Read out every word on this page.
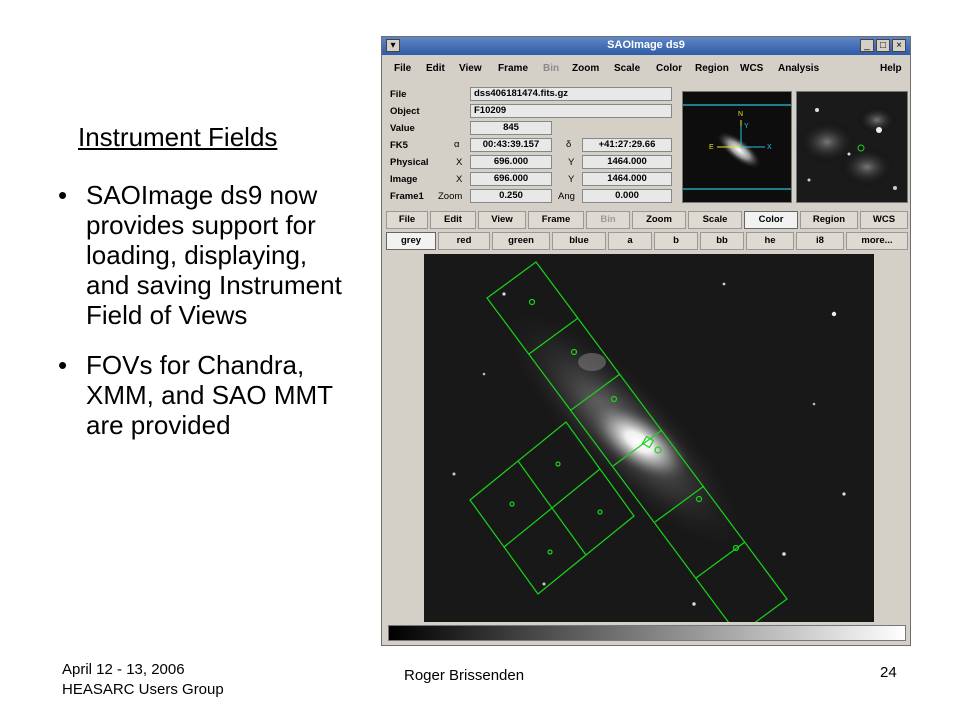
Instrument Fields
• SAOImage ds9 now provides support for loading, displaying, and saving Instrument Field of Views
• FOVs for Chandra, XMM, and SAO MMT are provided
April 12 - 13, 2006
HEASARC Users Group
Roger Brissenden	24
▾	SAOImage ds9	_	□	×
File Edit View Frame Bin Zoom Scale Color Region WCS Analysis	Help
File	dss406181474.fits.gz
Object	F10209
Value	845
FK5	α	00:43:39.157	δ	+41:27:29.66
Physical	X	696.000	Y	1464.000
Image	X	696.000	Y	1464.000
Frame1 Zoom	0.250	Ang	0.000
N
E	X
Y
File	Edit	View	Frame	Bin	Zoom	Scale	Color	Region	WCS
grey	red	green	blue	a	b	bb	he	i8	more...
